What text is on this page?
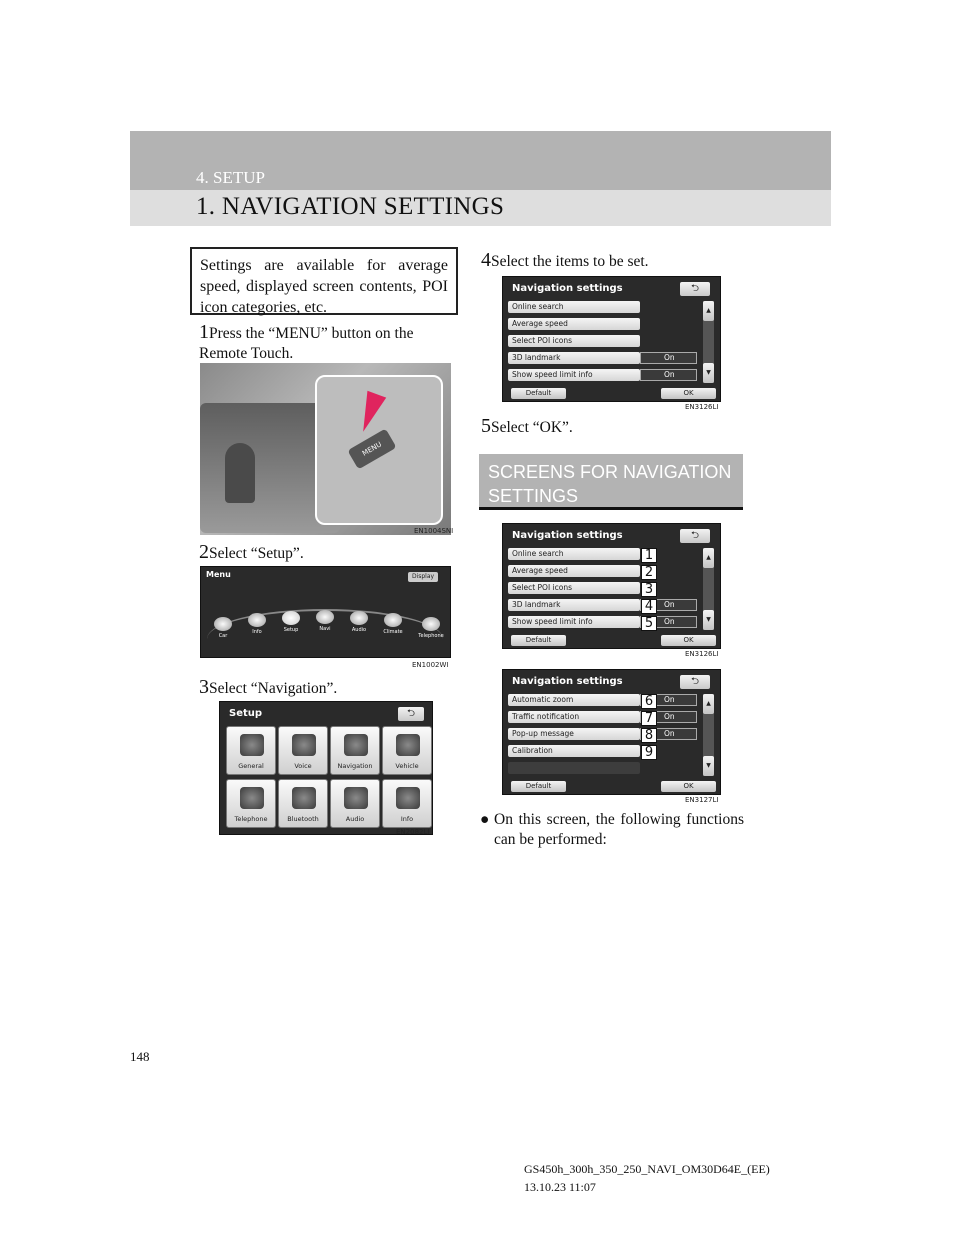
4. SETUP
1. NAVIGATION SETTINGS
Settings are available for average speed, displayed screen contents, POI icon categories, etc.
1Press the “MENU” button on the Remote Touch.
MENU
EN1004SNI
2Select “Setup”.
Menu	Display
Car
Info	Setup	Navi	Audio	Climate
Telephone
EN1002WI
3Select “Navigation”.
Setup	⮌
General	Voice	Navigation	Vehicle
Telephone	Bluetooth	Audio	Info
EN2082LI
4Select the items to be set.
Navigation settings	⮌
Online search
Average speed
Select POI icons
3D landmark	On
Show speed limit info	On
▲
▼
Default	OK
EN3126LI
5Select “OK”.
SCREENS FOR NAVIGATION SETTINGS
Navigation settings	⮌
Online search
Average speed
Select POI icons
3D landmark	On
Show speed limit info	On
▲
▼
Default	OK
1
2
3
4
5
EN3126LI
Navigation settings	⮌
Automatic zoom	On
Traffic notification	On
Pop-up message	On
Calibration
▲
▼
Default	OK
6
7
8
9
EN3127LI
● On this screen, the following functions can be performed:
148
GS450h_300h_350_250_NAVI_OM30D64E_(EE)
13.10.23 11:07
